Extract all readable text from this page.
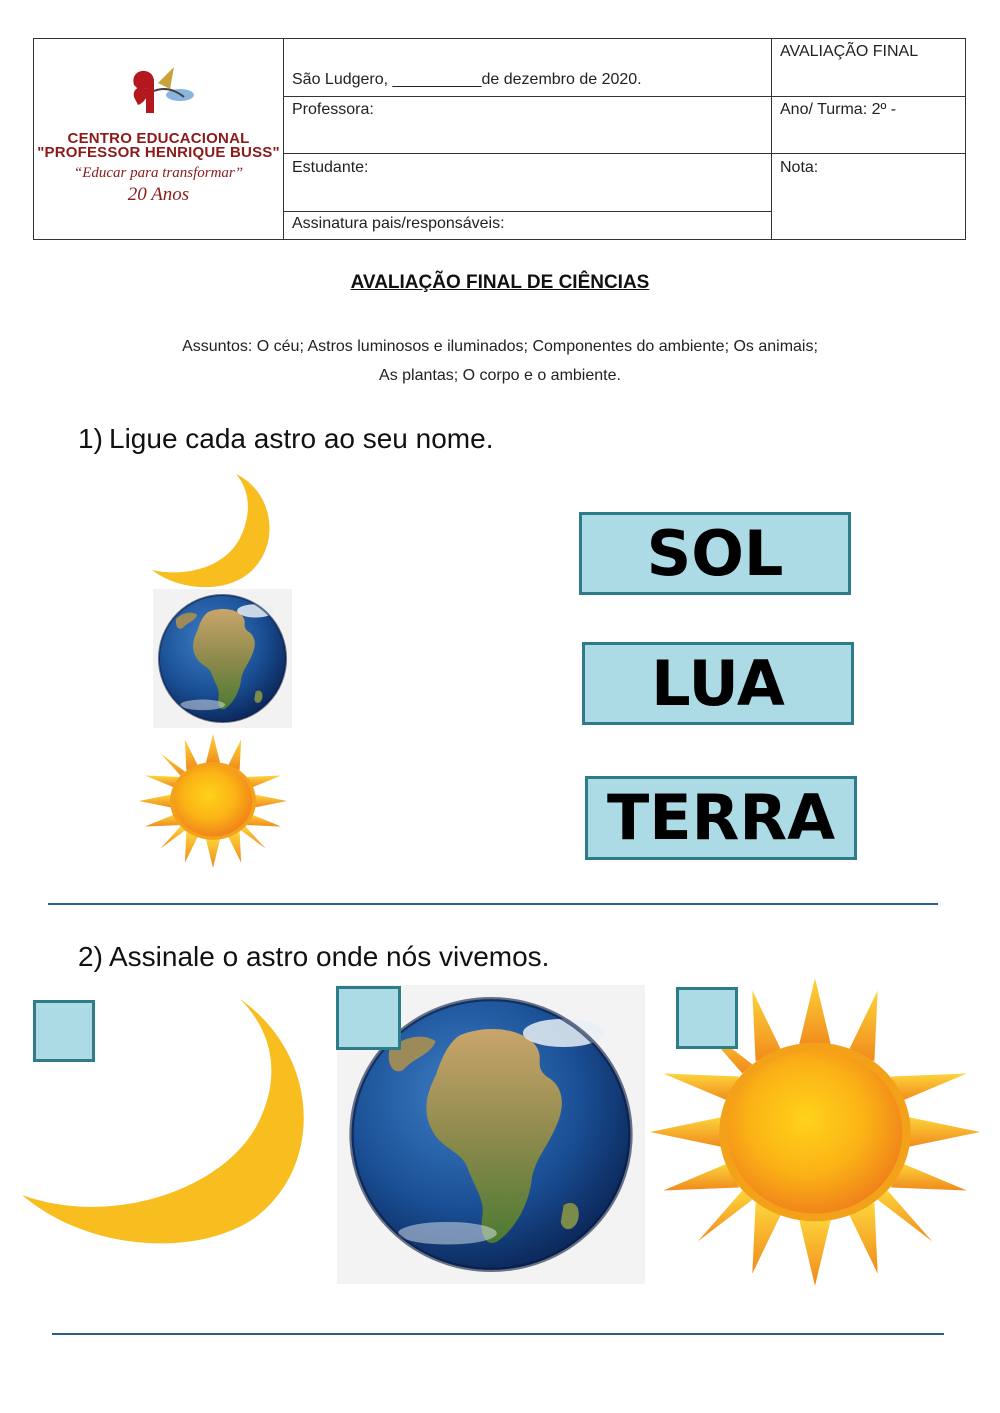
CENTRO EDUCACIONAL
"PROFESSOR HENRIQUE BUSS"
“Educar para transformar”
20 Anos
São Ludgero, __________de dezembro de 2020.
Professora:
Estudante:
Assinatura pais/responsáveis:
AVALIAÇÃO FINAL
Ano/ Turma: 2º -
Nota:
AVALIAÇÃO FINAL DE CIÊNCIAS
Assuntos: O céu; Astros luminosos e iluminados; Componentes do ambiente; Os animais;
As plantas; O corpo e o ambiente.
1) Ligue cada astro ao seu nome.
SOL
LUA
TERRA
2) Assinale o astro onde nós vivemos.
